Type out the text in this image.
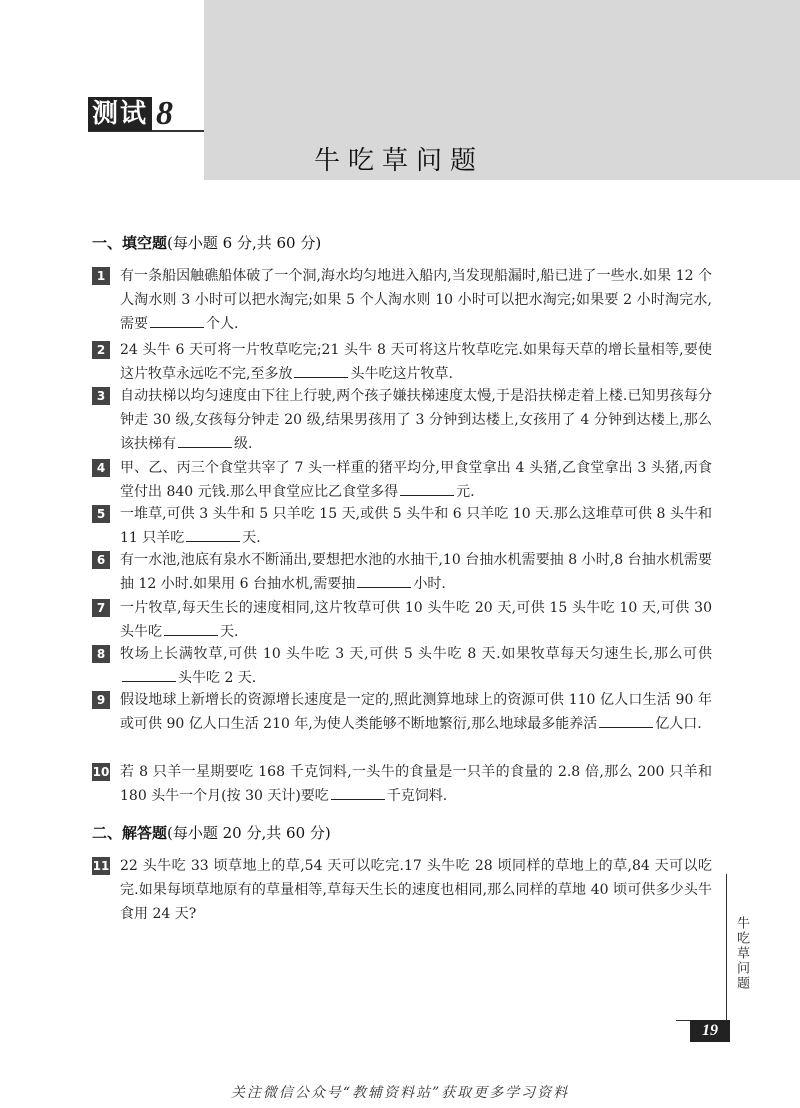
测试 8
牛吃草问题
一、填空题(每小题 6 分,共 60 分)
1	有一条船因触礁船体破了一个洞,海水均匀地进入船内,当发现船漏时,船已进了一些水.如果 12 个人淘水则 3 小时可以把水淘完;如果 5 个人淘水则 10 小时可以把水淘完;如果要 2 小时淘完水,需要	个人.
2	24 头牛 6 天可将一片牧草吃完;21 头牛 8 天可将这片牧草吃完.如果每天草的增长量相等,要使这片牧草永远吃不完,至多放	头牛吃这片牧草.
3	自动扶梯以均匀速度由下往上行驶,两个孩子嫌扶梯速度太慢,于是沿扶梯走着上楼.已知男孩每分钟走 30 级,女孩每分钟走 20 级,结果男孩用了 3 分钟到达楼上,女孩用了 4 分钟到达楼上,那么该扶梯有	级.
4	甲、乙、丙三个食堂共宰了 7 头一样重的猪平均分,甲食堂拿出 4 头猪,乙食堂拿出 3 头猪,丙食堂付出 840 元钱.那么甲食堂应比乙食堂多得	元.
5	一堆草,可供 3 头牛和 5 只羊吃 15 天,或供 5 头牛和 6 只羊吃 10 天.那么这堆草可供 8 头牛和 11 只羊吃	天.
6	有一水池,池底有泉水不断涌出,要想把水池的水抽干,10 台抽水机需要抽 8 小时,8 台抽水机需要抽 12 小时.如果用 6 台抽水机,需要抽	小时.
7	一片牧草,每天生长的速度相同,这片牧草可供 10 头牛吃 20 天,可供 15 头牛吃 10 天,可供 30 头牛吃	天.
8	牧场上长满牧草,可供 10 头牛吃 3 天,可供 5 头牛吃 8 天.如果牧草每天匀速生长,那么可供头牛吃 2 天.
9	假设地球上新增长的资源增长速度是一定的,照此测算地球上的资源可供 110 亿人口生活 90 年或可供 90 亿人口生活 210 年,为使人类能够不断地繁衍,那么地球最多能养活	亿人口.
10 若 8 只羊一星期要吃 168 千克饲料,一头牛的食量是一只羊的食量的 2.8 倍,那么 200 只羊和 180 头牛一个月(按 30 天计)要吃	千克饲料.
二、解答题(每小题 20 分,共 60 分)
11 22 头牛吃 33 顷草地上的草,54 天可以吃完.17 头牛吃 28 顷同样的草地上的草,84 天可以吃完.如果每顷草地原有的草量相等,草每天生长的速度也相同,那么同样的草地 40 顷可供多少头牛食用 24 天?
牛吃草问题
19
关注微信公众号“教辅资料站”获取更多学习资料
